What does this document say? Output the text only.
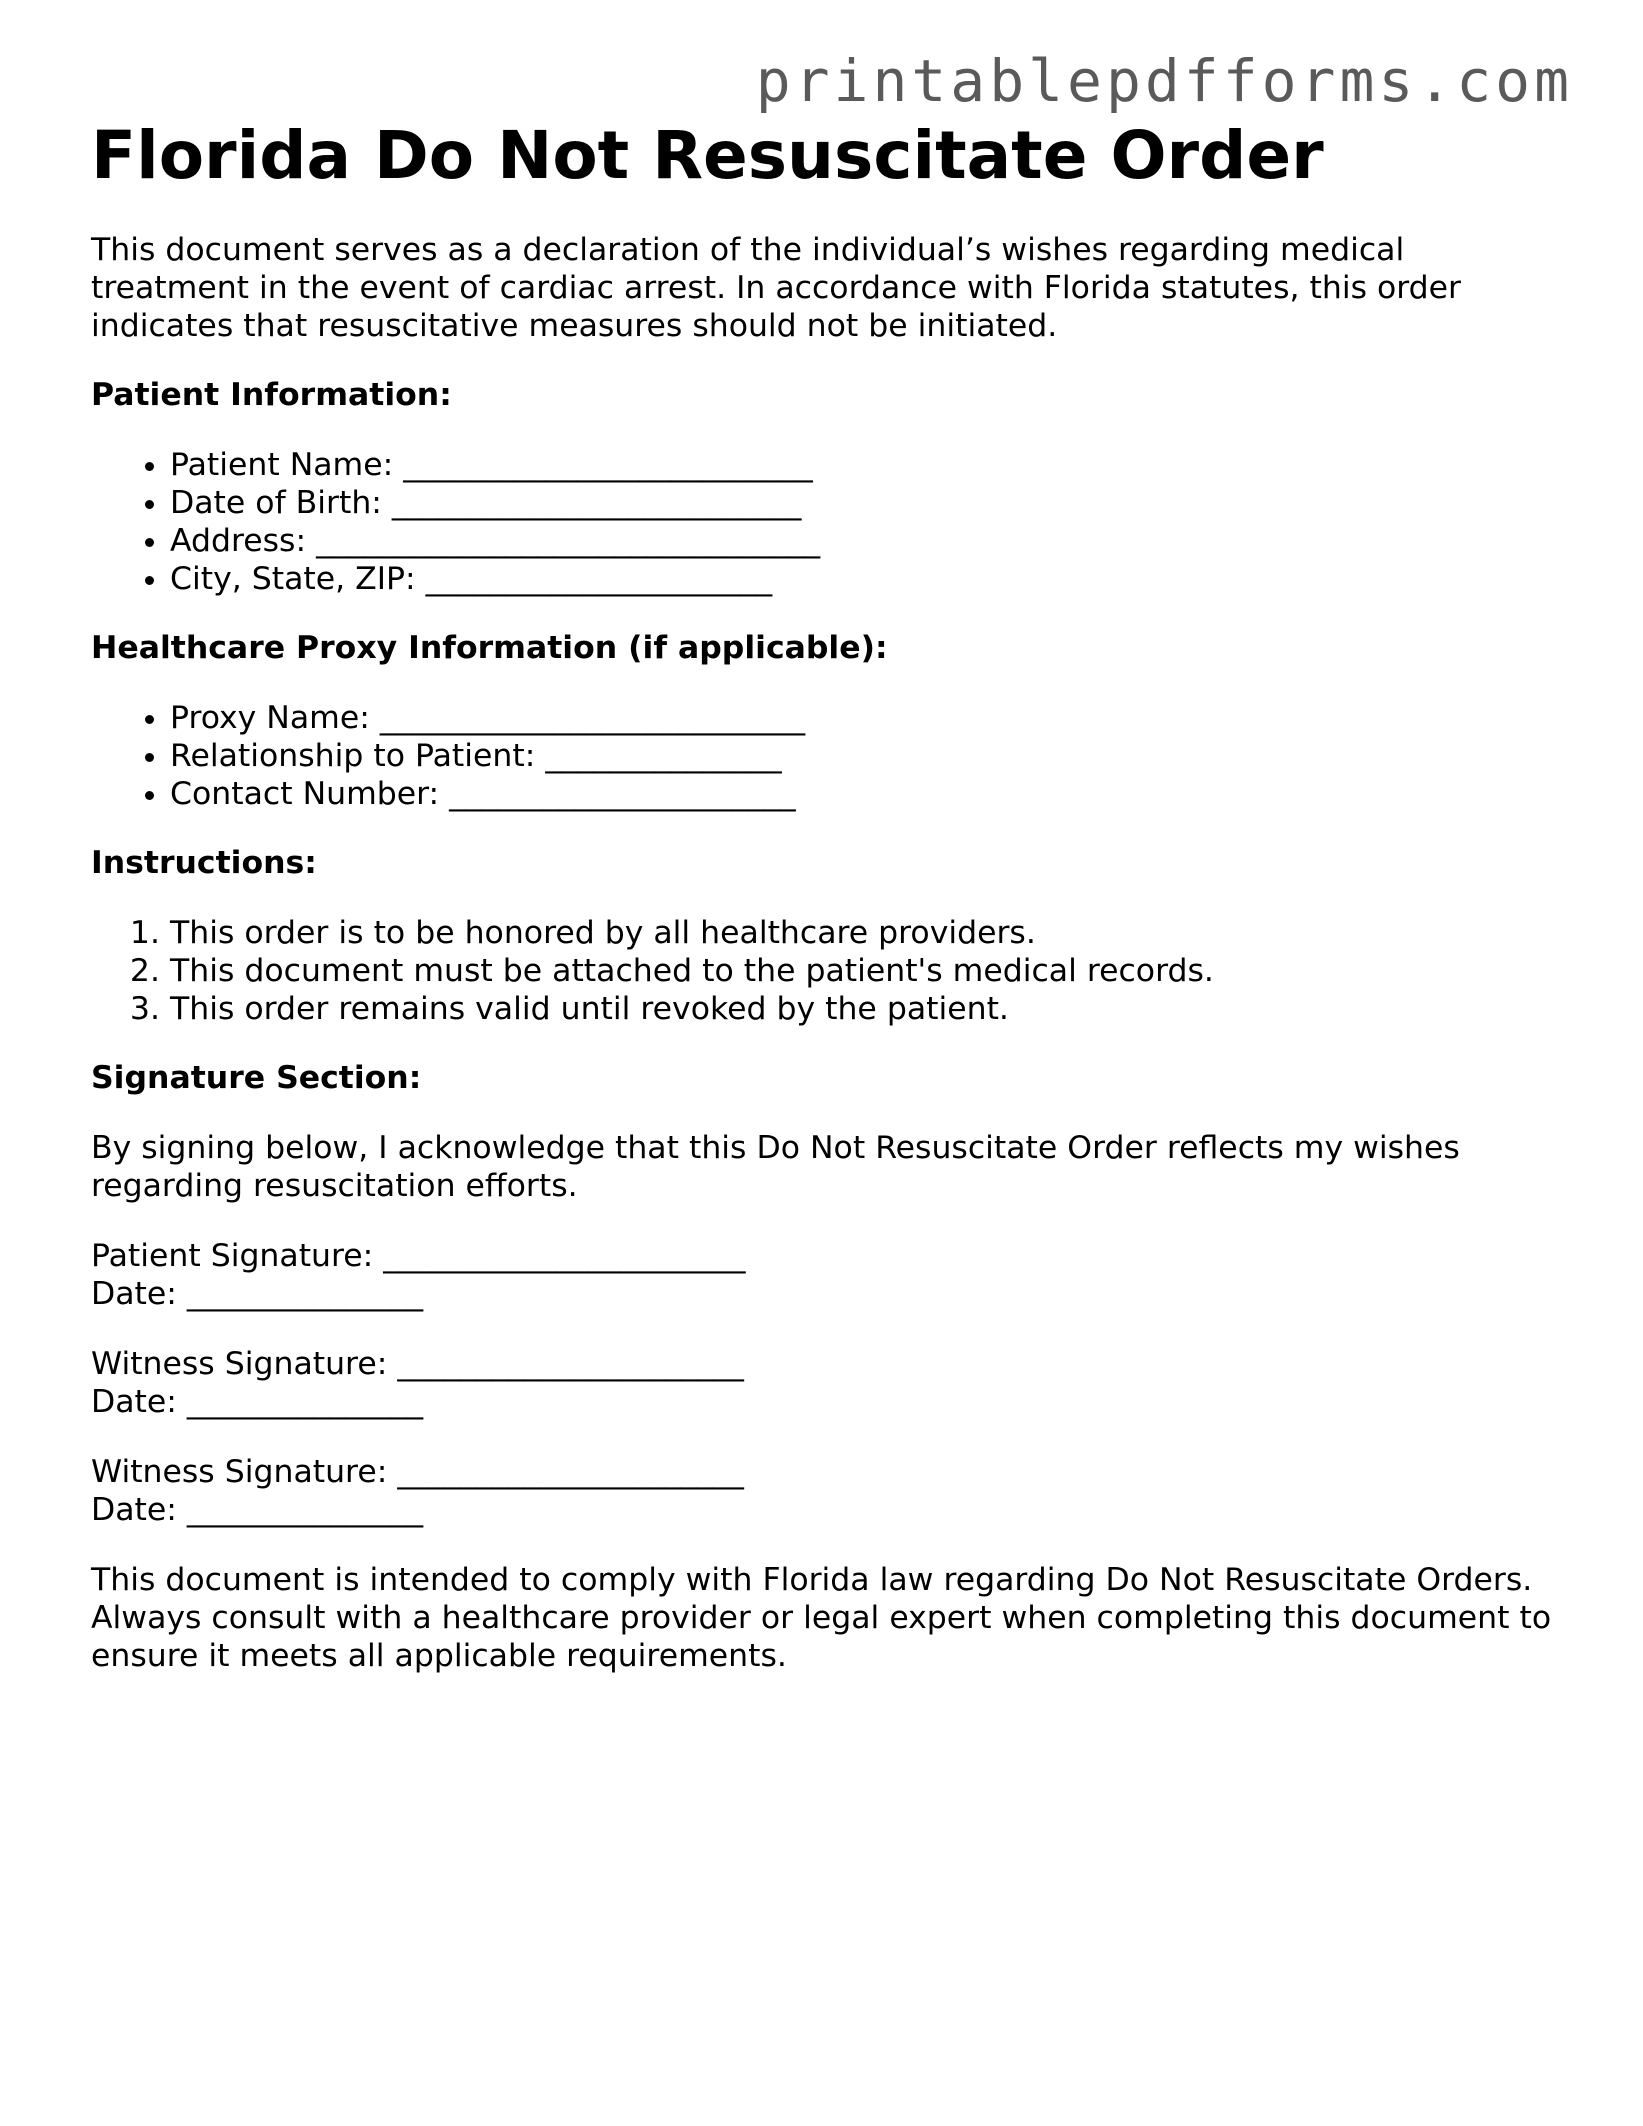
printablepdfforms.com
Florida Do Not Resuscitate Order

This document serves as a declaration of the individual’s wishes regarding medical treatment in the event of cardiac arrest. In accordance with Florida statutes, this order indicates that resuscitative measures should not be initiated.

Patient Information:
• Patient Name: __________________________
• Date of Birth: __________________________
• Address: ________________________________
• City, State, ZIP: ______________________
Healthcare Proxy Information (if applicable):
• Proxy Name: ___________________________
• Relationship to Patient: _______________
• Contact Number: ______________________
Instructions:
1. This order is to be honored by all healthcare providers.
2. This document must be attached to the patient's medical records.
3. This order remains valid until revoked by the patient.
Signature Section:

By signing below, I acknowledge that this Do Not Resuscitate Order reflects my wishes regarding resuscitation efforts.

Patient Signature: _______________________
Date: _______________

Witness Signature: ______________________
Date: _______________

Witness Signature: ______________________
Date: _______________

This document is intended to comply with Florida law regarding Do Not Resuscitate Orders. Always consult with a healthcare provider or legal expert when completing this document to ensure it meets all applicable requirements.
